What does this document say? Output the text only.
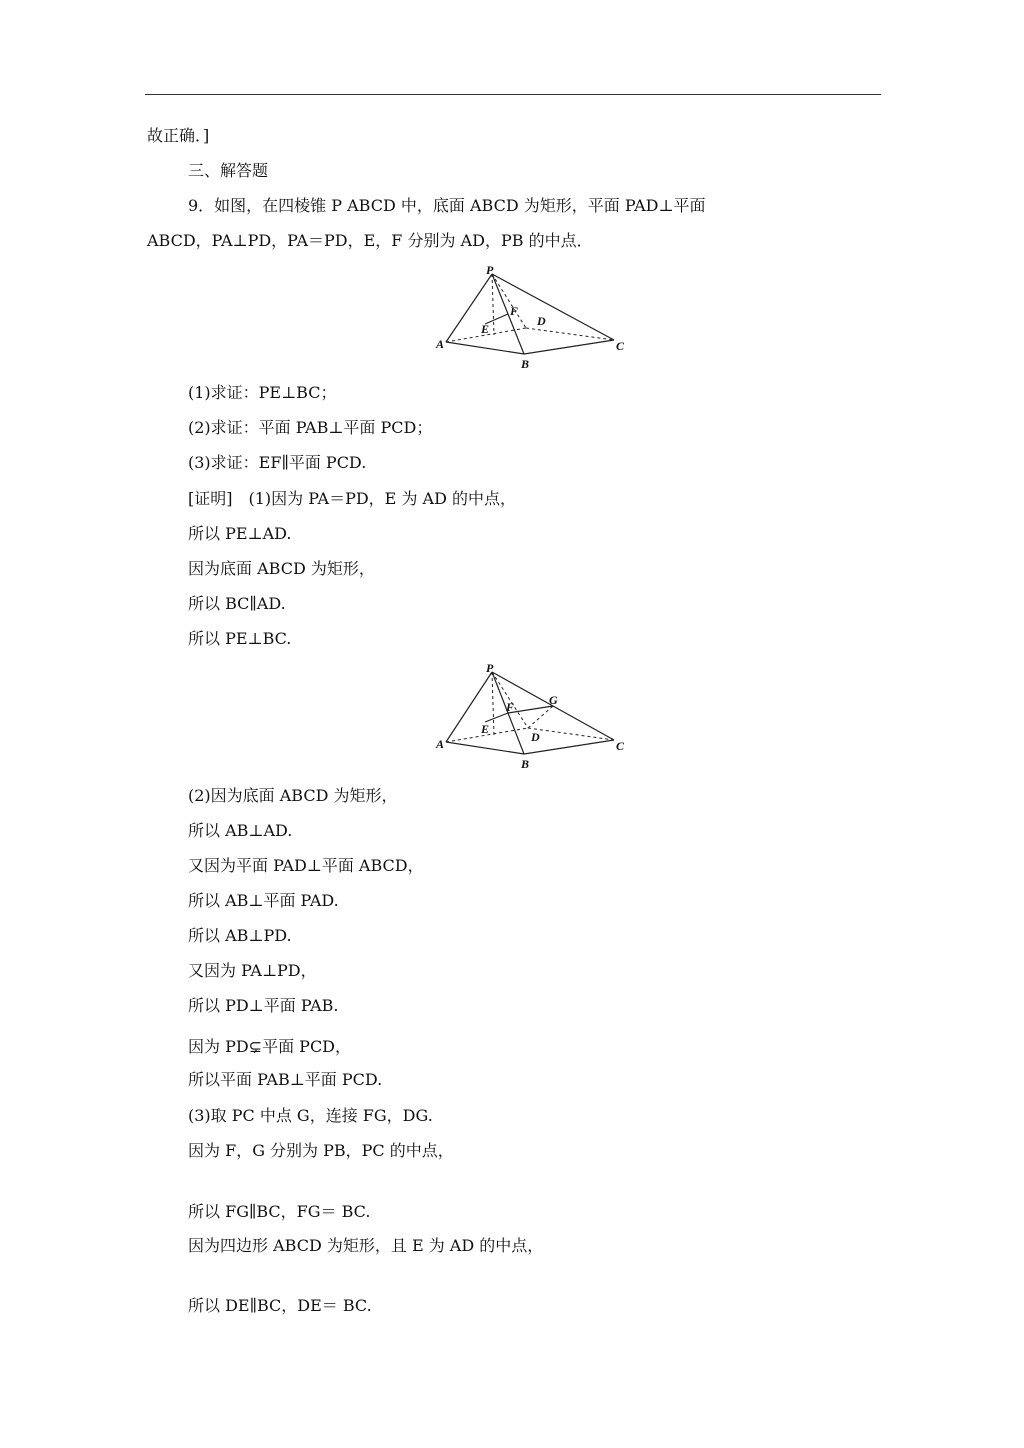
故正确．]
三、解答题
9．如图，在四棱锥 P ABCD 中，底面 ABCD 为矩形，平面 PAD⊥平面
ABCD，PA⊥PD，PA＝PD，E，F 分别为 AD，PB 的中点．
P
A
B
C
D
E
F
(1)求证：PE⊥BC；
(2)求证：平面 PAB⊥平面 PCD；
(3)求证：EF∥平面 PCD.
[证明]　(1)因为 PA＝PD，E 为 AD 的中点，
所以 PE⊥AD.
因为底面 ABCD 为矩形，
所以 BC∥AD.
所以 PE⊥BC.
P
A
B
C
D
E
F	G
(2)因为底面 ABCD 为矩形，
所以 AB⊥AD.
又因为平面 PAD⊥平面 ABCD，
所以 AB⊥平面 PAD.
所以 AB⊥PD.
又因为 PA⊥PD，
所以 PD⊥平面 PAB.
因为 PD⊊平面 PCD，
所以平面 PAB⊥平面 PCD.
(3)取 PC 中点 G，连接 FG，DG.
因为 F，G 分别为 PB，PC 的中点，
所以 FG∥BC，FG＝ BC.
因为四边形 ABCD 为矩形，且 E 为 AD 的中点，
所以 DE∥BC，DE＝ BC.
